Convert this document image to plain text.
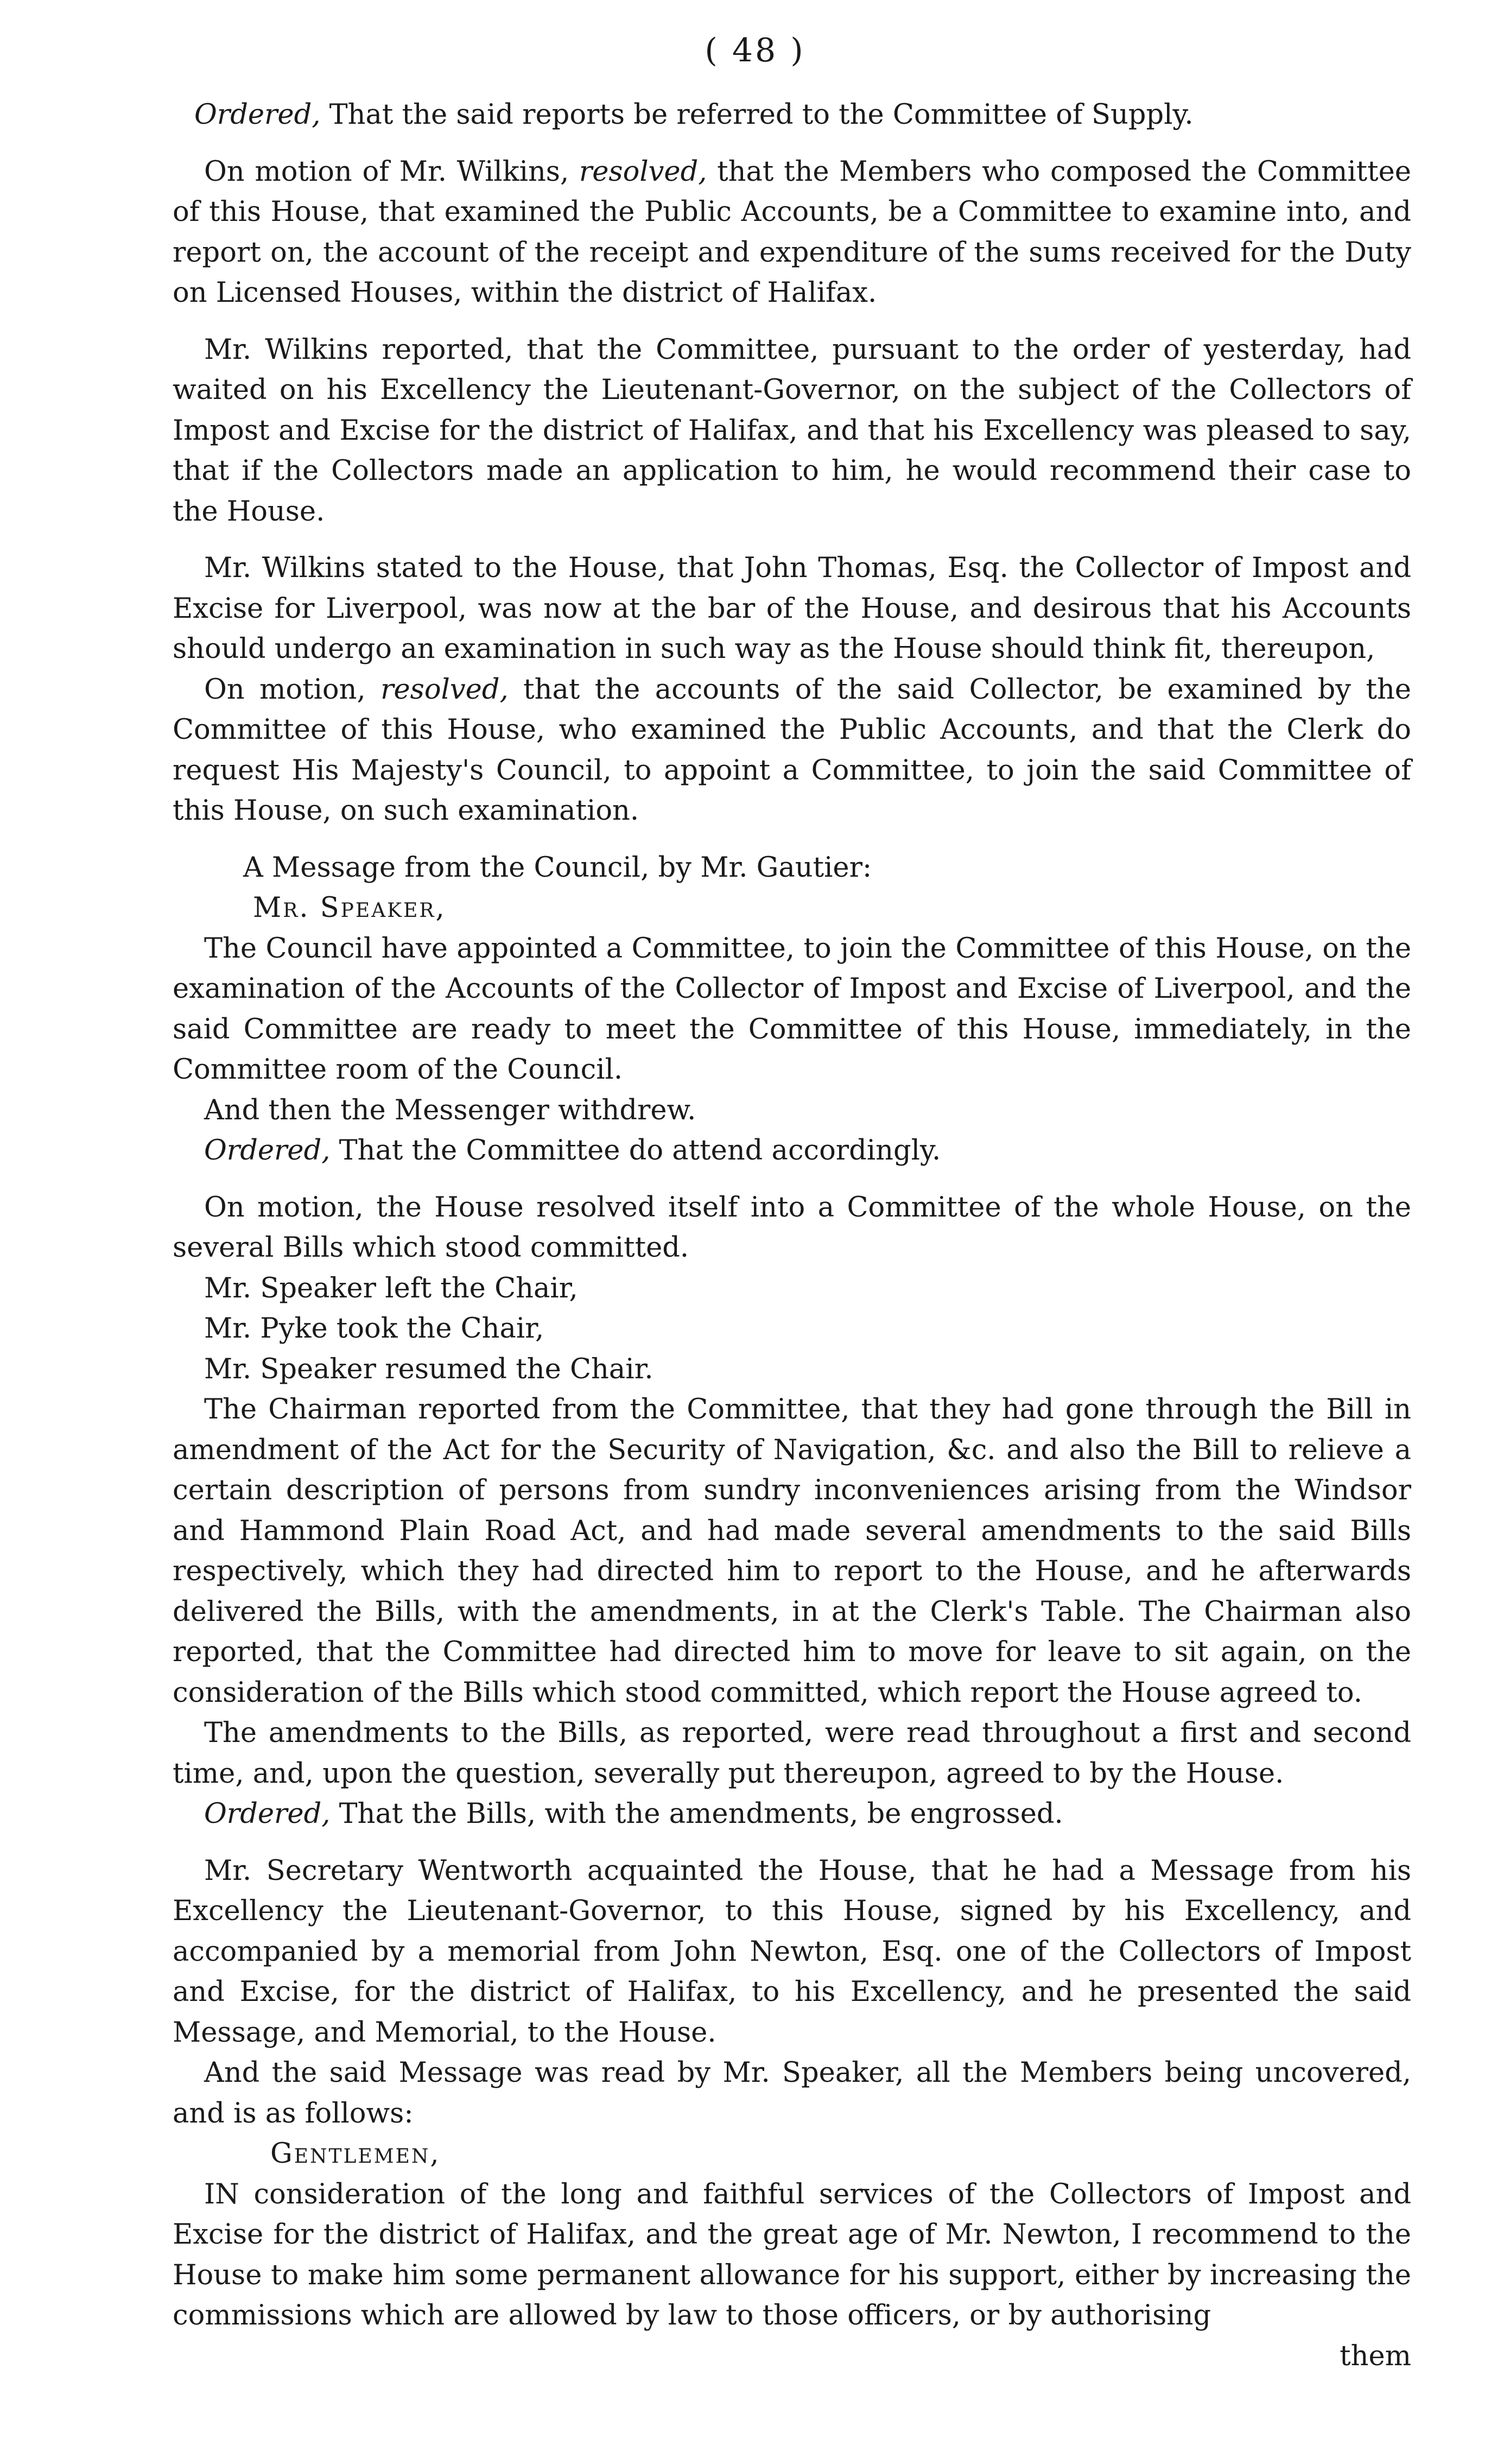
( 48 )

Ordered, That the said reports be referred to the Committee of Supply.

On motion of Mr. Wilkins, resolved, that the Members who composed the Committee of this House, that examined the Public Accounts, be a Committee to examine into, and report on, the account of the receipt and expenditure of the sums received for the Duty on Licensed Houses, within the district of Halifax.

Mr. Wilkins reported, that the Committee, pursuant to the order of yesterday, had waited on his Excellency the Lieutenant-Governor, on the subject of the Collectors of Impost and Excise for the district of Halifax, and that his Excellency was pleased to say, that if the Collectors made an application to him, he would recommend their case to the House.

Mr. Wilkins stated to the House, that John Thomas, Esq. the Collector of Impost and Excise for Liverpool, was now at the bar of the House, and desirous that his Accounts should undergo an examination in such way as the House should think fit, thereupon,

On motion, resolved, that the accounts of the said Collector, be examined by the Committee of this House, who examined the Public Accounts, and that the Clerk do request His Majesty's Council, to appoint a Committee, to join the said Committee of this House, on such examination.

A Message from the Council, by Mr. Gautier:

Mr. Speaker,

The Council have appointed a Committee, to join the Committee of this House, on the examination of the Accounts of the Collector of Impost and Excise of Liverpool, and the said Committee are ready to meet the Committee of this House, immediately, in the Committee room of the Council.

And then the Messenger withdrew.

Ordered, That the Committee do attend accordingly.

On motion, the House resolved itself into a Committee of the whole House, on the several Bills which stood committed.

Mr. Speaker left the Chair,

Mr. Pyke took the Chair,

Mr. Speaker resumed the Chair.

The Chairman reported from the Committee, that they had gone through the Bill in amendment of the Act for the Security of Navigation, &c. and also the Bill to relieve a certain description of persons from sundry inconveniences arising from the Windsor and Hammond Plain Road Act, and had made several amendments to the said Bills respectively, which they had directed him to report to the House, and he afterwards delivered the Bills, with the amendments, in at the Clerk's Table. The Chairman also reported, that the Committee had directed him to move for leave to sit again, on the consideration of the Bills which stood committed, which report the House agreed to.

The amendments to the Bills, as reported, were read throughout a first and second time, and, upon the question, severally put thereupon, agreed to by the House.

Ordered, That the Bills, with the amendments, be engrossed.

Mr. Secretary Wentworth acquainted the House, that he had a Message from his Excellency the Lieutenant-Governor, to this House, signed by his Excellency, and accompanied by a memorial from John Newton, Esq. one of the Collectors of Impost and Excise, for the district of Halifax, to his Excellency, and he presented the said Message, and Memorial, to the House.

And the said Message was read by Mr. Speaker, all the Members being uncovered, and is as follows:

Gentlemen,

IN consideration of the long and faithful services of the Collectors of Impost and Excise for the district of Halifax, and the great age of Mr. Newton, I recommend to the House to make him some permanent allowance for his support, either by increasing the commissions which are allowed by law to those officers, or by authorising

them
